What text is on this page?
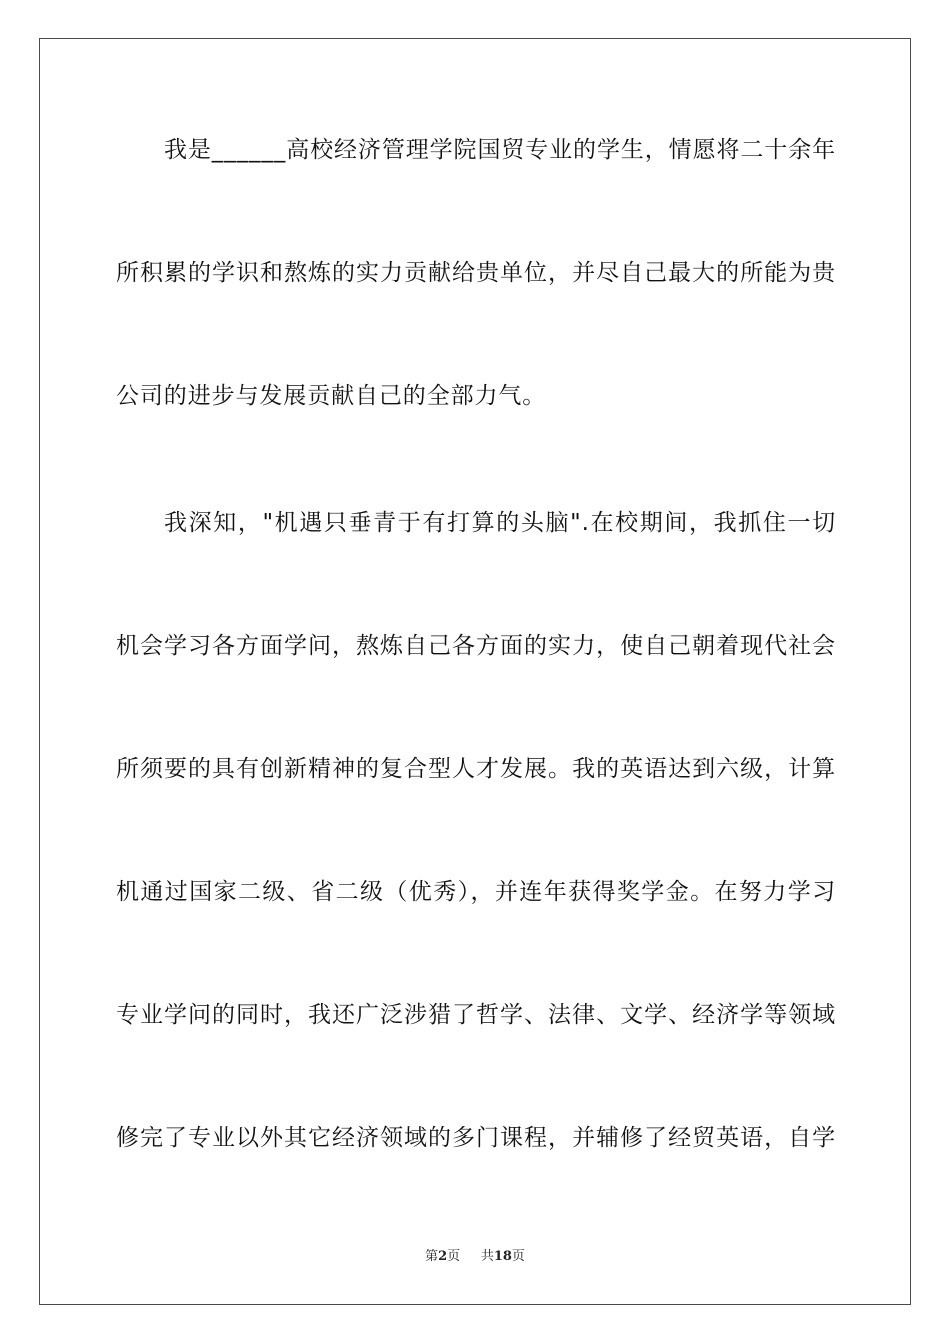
我是______高校经济管理学院国贸专业的学生，情愿将二十余年
所积累的学识和熬炼的实力贡献给贵单位，并尽自己最大的所能为贵
公司的进步与发展贡献自己的全部力气。
我深知，"机遇只垂青于有打算的头脑".在校期间，我抓住一切
机会学习各方面学问，熬炼自己各方面的实力，使自己朝着现代社会
所须要的具有创新精神的复合型人才发展。我的英语达到六级，计算
机通过国家二级、省二级（优秀），并连年获得奖学金。在努力学习
专业学问的同时，我还广泛涉猎了哲学、法律、文学、经济学等领域
修完了专业以外其它经济领域的多门课程，并辅修了经贸英语，自学
第2页 共18页
